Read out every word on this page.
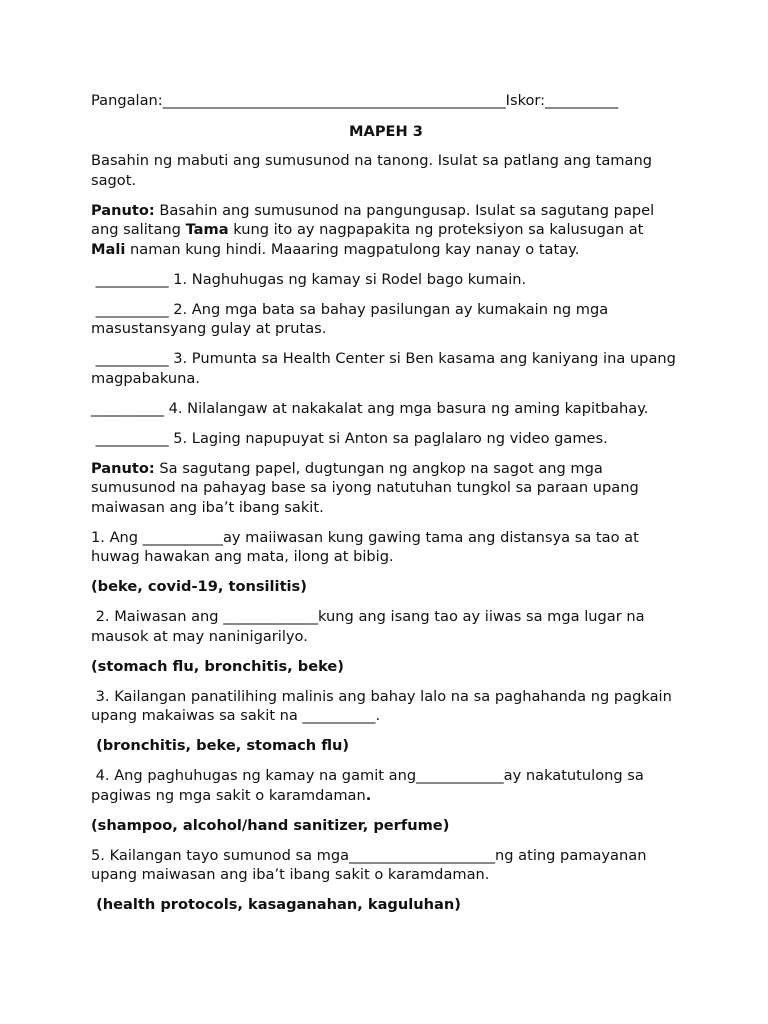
Pangalan:_______________________________________________Iskor:__________

MAPEH 3

Basahin ng mabuti ang sumusunod na tanong. Isulat sa patlang ang tamang sagot.

Panuto: Basahin ang sumusunod na pangungusap. Isulat sa sagutang papel ang salitang Tama kung ito ay nagpapakita ng proteksiyon sa kalusugan at Mali naman kung hindi. Maaaring magpatulong kay nanay o tatay.

__________ 1. Naghuhugas ng kamay si Rodel bago kumain.

__________ 2. Ang mga bata sa bahay pasilungan ay kumakain ng mga masustansyang gulay at prutas.

__________ 3. Pumunta sa Health Center si Ben kasama ang kaniyang ina upang magpabakuna.

__________ 4. Nilalangaw at nakakalat ang mga basura ng aming kapitbahay.

__________ 5. Laging napupuyat si Anton sa paglalaro ng video games.

Panuto: Sa sagutang papel, dugtungan ng angkop na sagot ang mga sumusunod na pahayag base sa iyong natutuhan tungkol sa paraan upang maiwasan ang iba’t ibang sakit.

1. Ang ___________ay maiiwasan kung gawing tama ang distansya sa tao at huwag hawakan ang mata, ilong at bibig.

(beke, covid-19, tonsilitis)

2. Maiwasan ang _____________kung ang isang tao ay iiwas sa mga lugar na mausok at may naninigarilyo.

(stomach flu, bronchitis, beke)

3. Kailangan panatilihing malinis ang bahay lalo na sa paghahanda ng pagkain upang makaiwas sa sakit na __________.

(bronchitis, beke, stomach flu)

4. Ang paghuhugas ng kamay na gamit ang____________ay nakatutulong sa pagiwas ng mga sakit o karamdaman.

(shampoo, alcohol/hand sanitizer, perfume)

5. Kailangan tayo sumunod sa mga____________________ng ating pamayanan upang maiwasan ang iba’t ibang sakit o karamdaman.

(health protocols, kasaganahan, kaguluhan)
